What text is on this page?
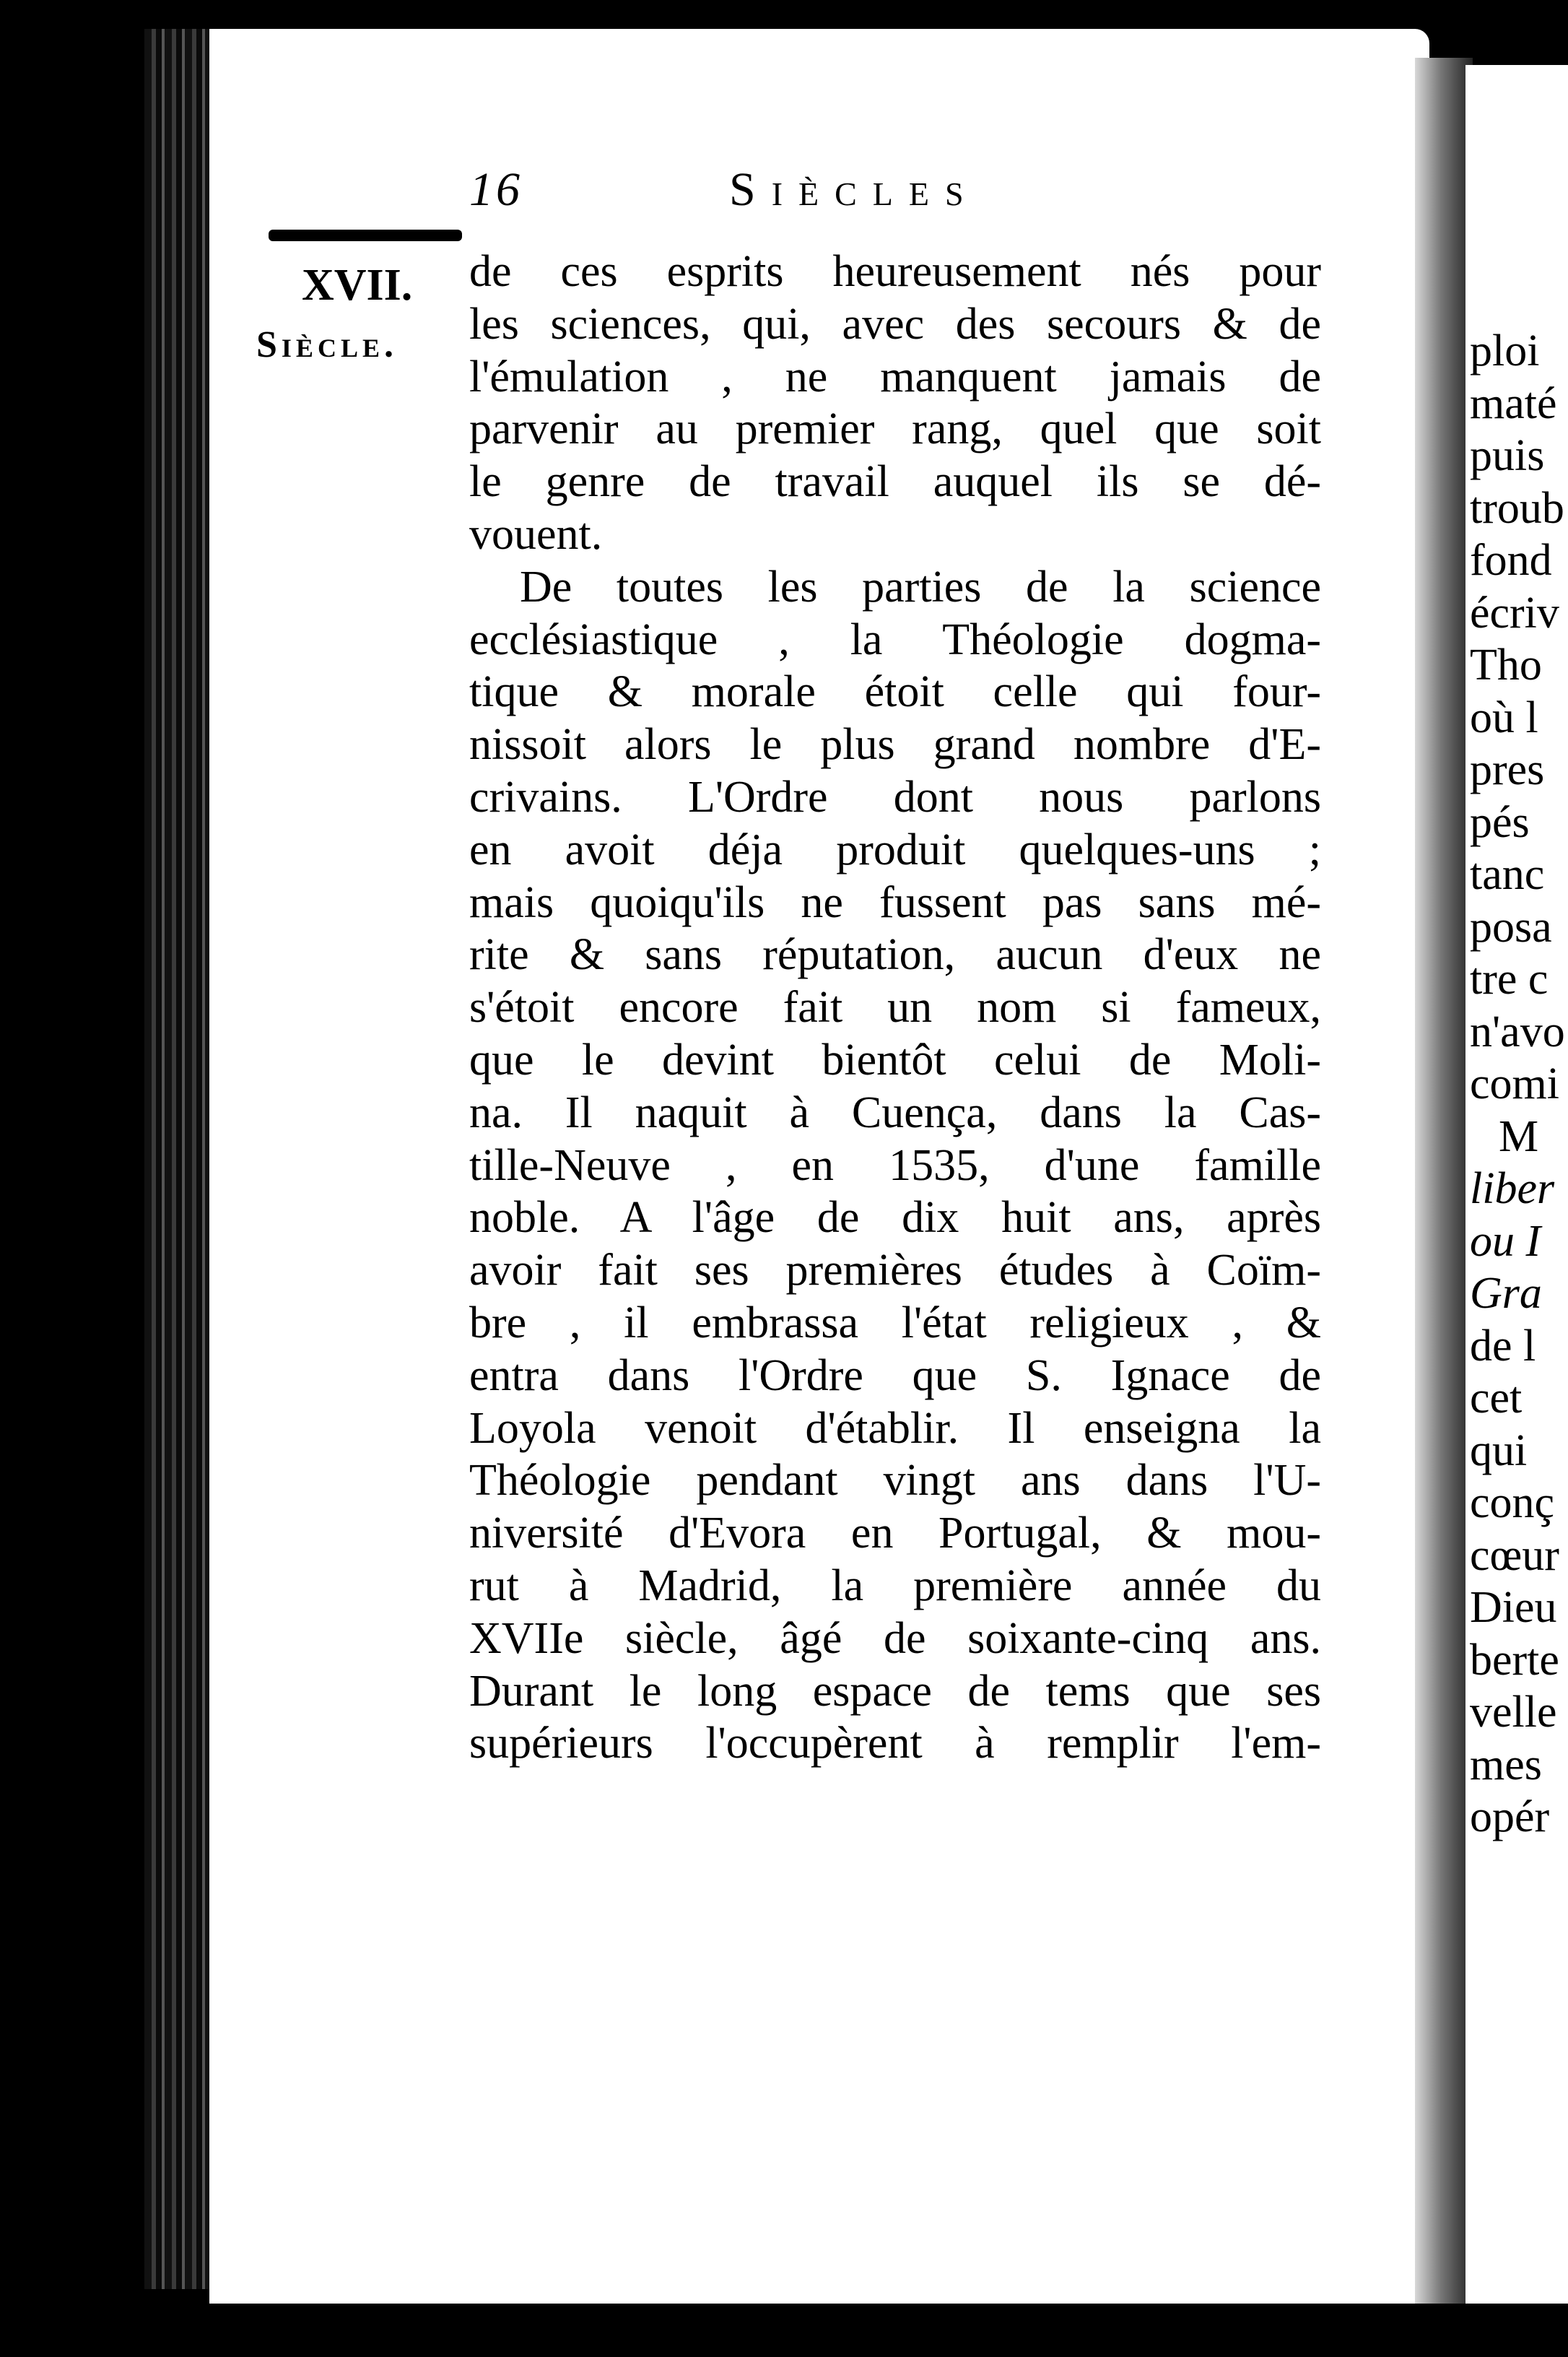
ploi
maté
puis
troub
fond
écriv
Tho
où l
pres
pés
tanc
posa
tre c
n'avo
comi
M
liber
ou I
Gra
de l
cet
qui
conç
cœur
Dieu
berte
velle
mes
opér
16	Siècles
XVII.
Siècle.
de ces esprits heureusement nés pour
les sciences, qui, avec des secours & de
l'émulation , ne manquent jamais de
parvenir au premier rang, quel que soit
le genre de travail auquel ils se dé-
vouent.
De toutes les parties de la science
ecclésiastique , la Théologie dogma-
tique & morale étoit celle qui four-
nissoit alors le plus grand nombre d'E-
crivains. L'Ordre dont nous parlons
en avoit déja produit quelques-uns ;
mais quoiqu'ils ne fussent pas sans mé-
rite & sans réputation, aucun d'eux ne
s'étoit encore fait un nom si fameux,
que le devint bientôt celui de Moli-
na. Il naquit à Cuença, dans la Cas-
tille-Neuve , en 1535, d'une famille
noble. A l'âge de dix huit ans, après
avoir fait ses premières études à Coïm-
bre , il embrassa l'état religieux , &
entra dans l'Ordre que S. Ignace de
Loyola venoit d'établir. Il enseigna la
Théologie pendant vingt ans dans l'U-
niversité d'Evora en Portugal, & mou-
rut à Madrid, la première année du
XVIIe siècle, âgé de soixante-cinq ans.
Durant le long espace de tems que ses
supérieurs l'occupèrent à remplir l'em-
